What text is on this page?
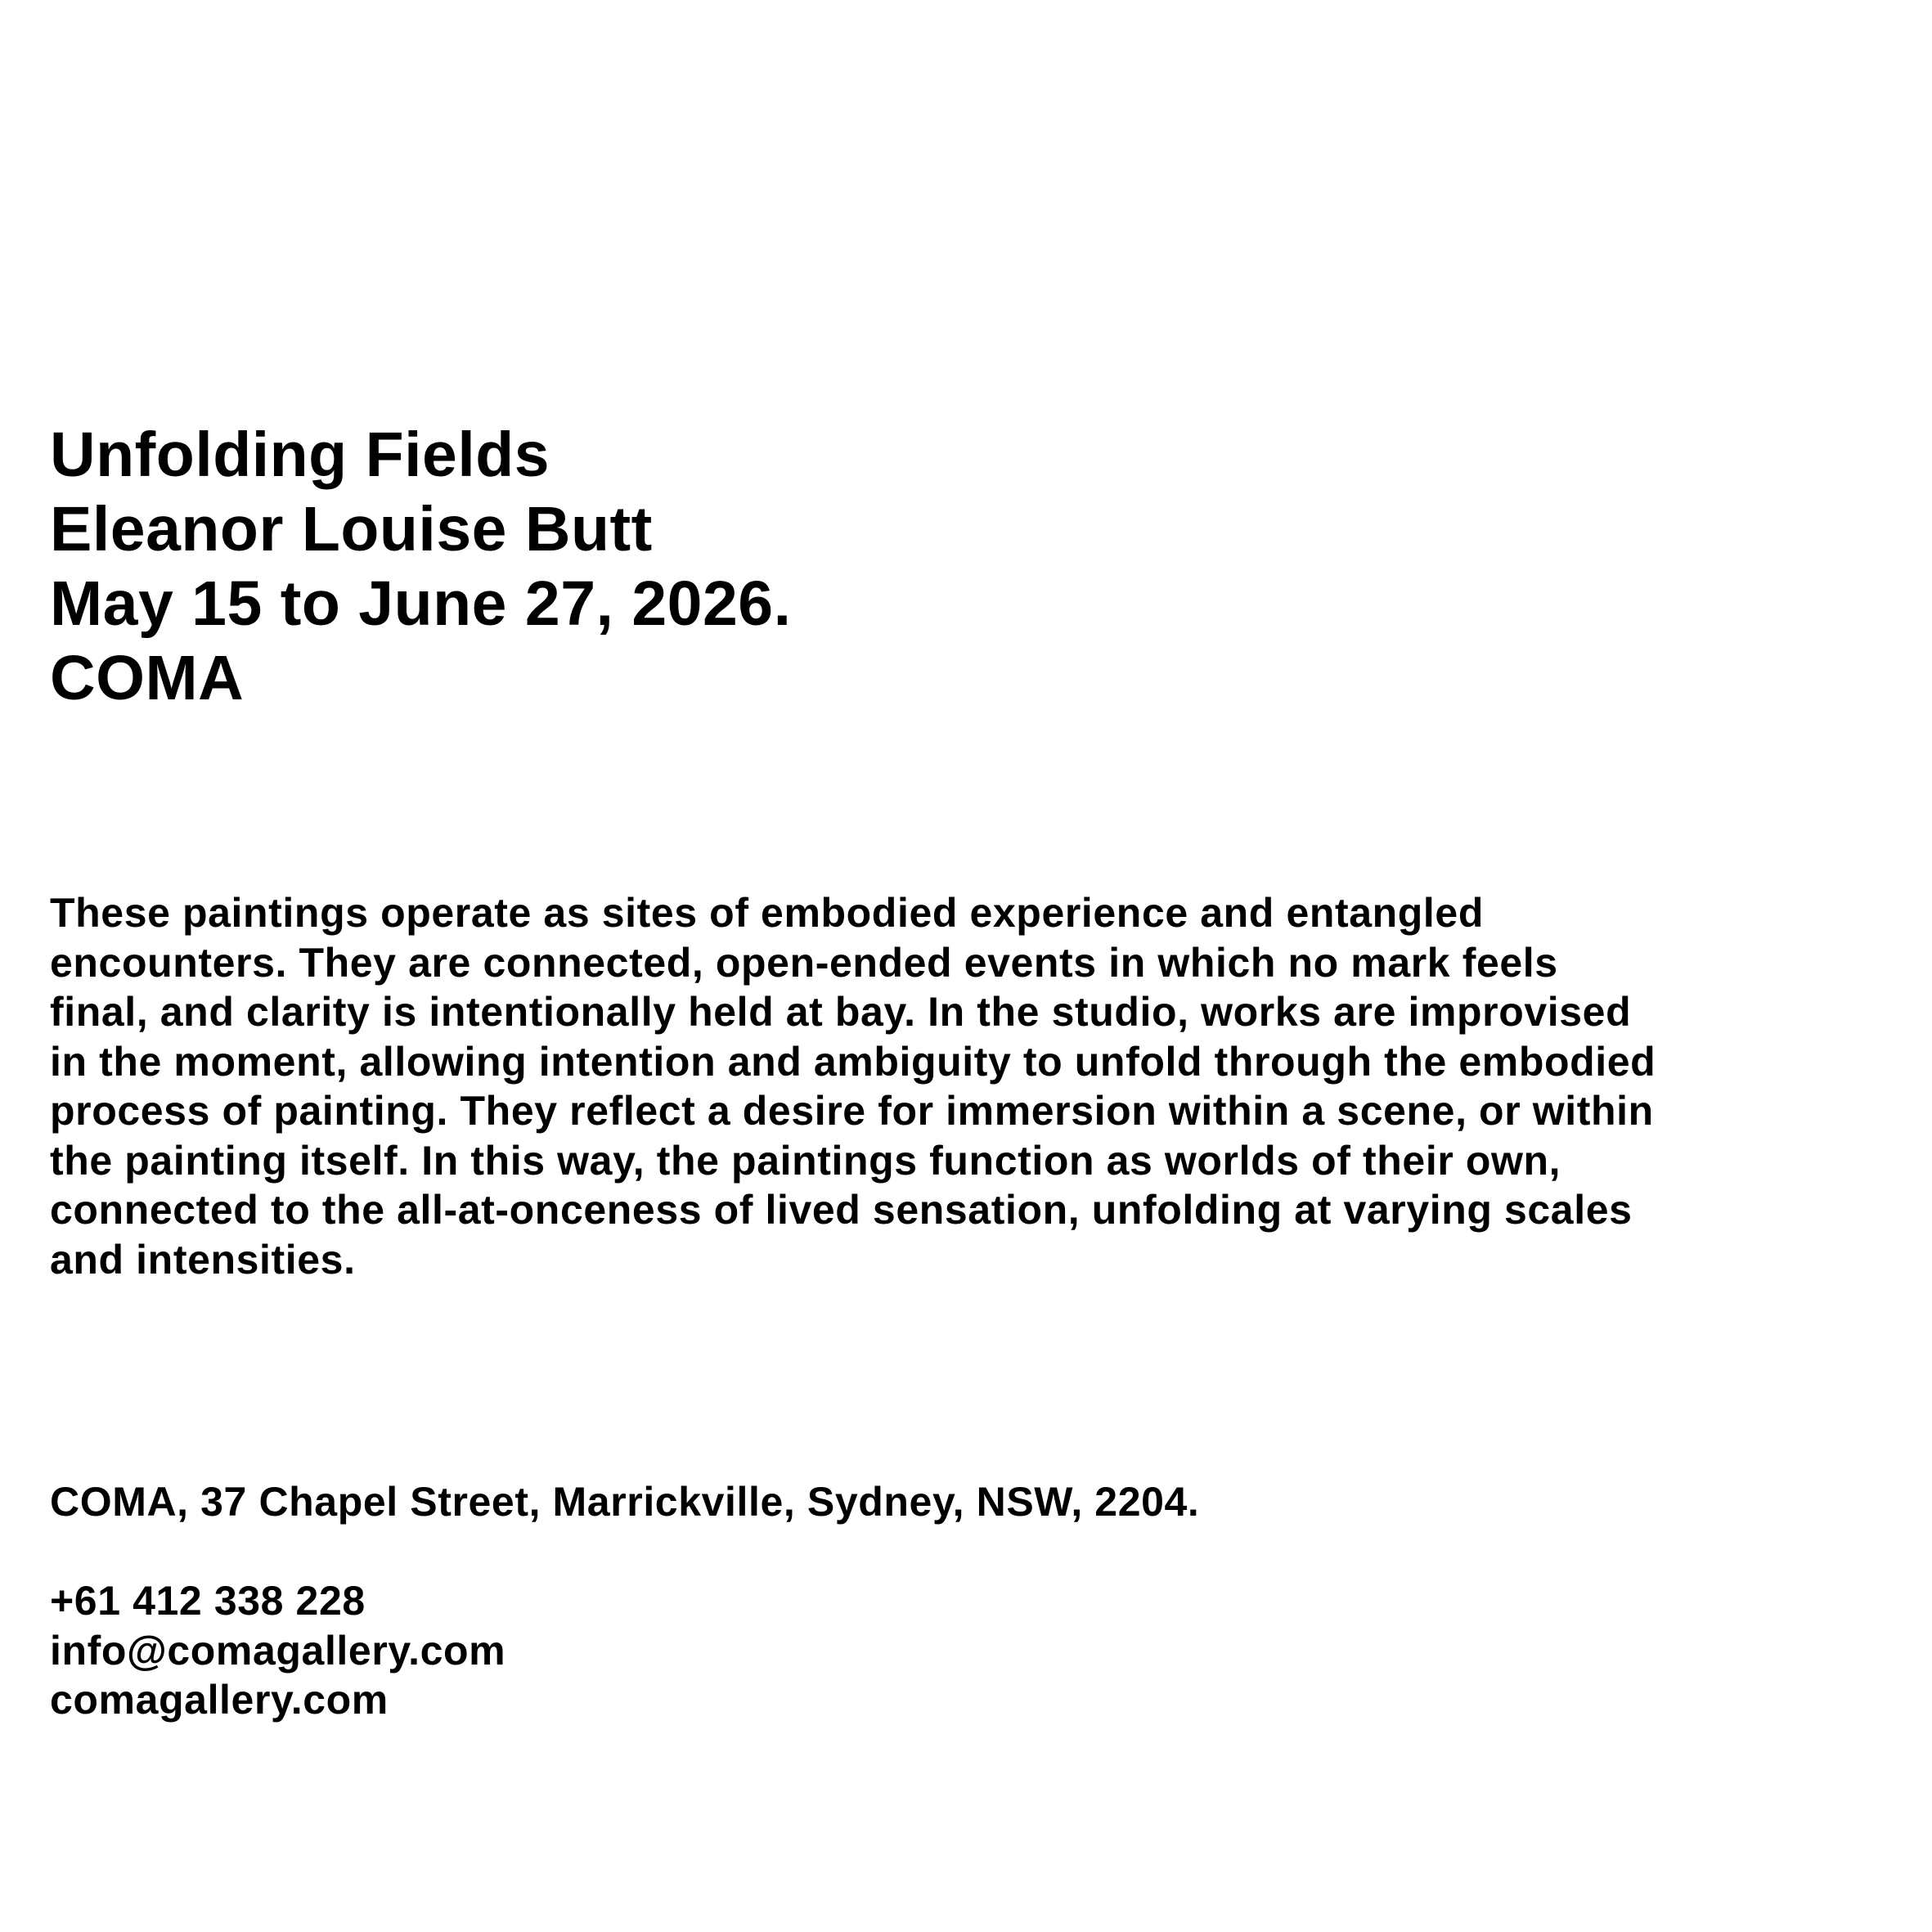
Unfolding Fields
Eleanor Louise Butt
May 15 to June 27, 2026.
COMA

These paintings operate as sites of embodied experience and entangled
encounters. They are connected, open-ended events in which no mark feels
final, and clarity is intentionally held at bay. In the studio, works are improvised
in the moment, allowing intention and ambiguity to unfold through the embodied
process of painting. They reflect a desire for immersion within a scene, or within
the painting itself. In this way, the paintings function as worlds of their own,
connected to the all-at-onceness of lived sensation, unfolding at varying scales
and intensities.

COMA, 37 Chapel Street, Marrickville, Sydney, NSW, 2204.
+61 412 338 228
info@comagallery.com
comagallery.com
